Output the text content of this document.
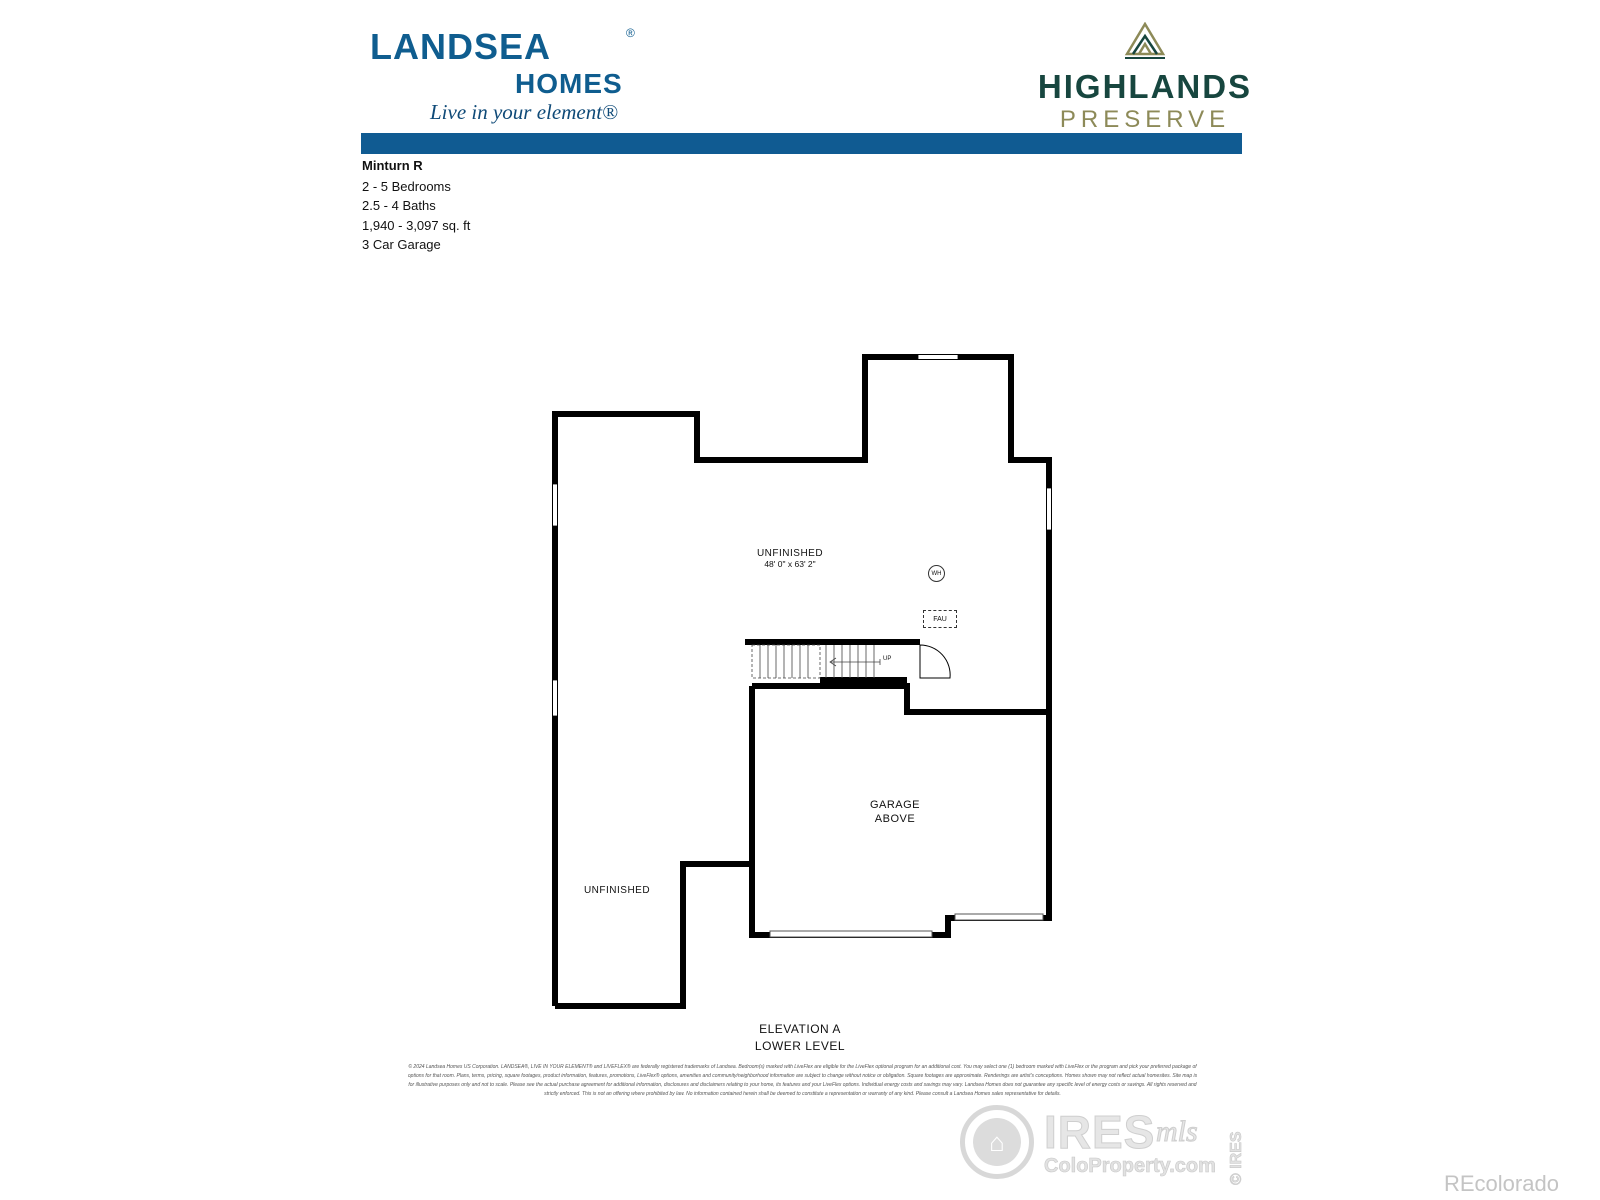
LANDSEA	®
HOMES
Live in your element®
HIGHLANDS
PRESERVE
Minturn R
2 - 5 Bedrooms
2.5 - 4 Baths
1,940 - 3,097 sq. ft
3 Car Garage
UNFINISHED
48' 0" x 63' 2"
WH
FAU
UP
GARAGE
ABOVE
UNFINISHED
ELEVATION A
LOWER LEVEL
© 2024 Landsea Homes US Corporation. LANDSEA®, LIVE IN YOUR ELEMENT® and LIVEFLEX® are federally registered trademarks of Landsea. Bedroom(s) marked with LiveFlex are eligible for the LiveFlex optional program for an additional cost. You may select one (1) bedroom marked with LiveFlex or the program and pick your preferred package of options for that room. Plans, terms, pricing, square footages, product information, features, promotions, LiveFlex® options, amenities and community/neighborhood information are subject to change without notice or obligation. Square footages are approximate. Renderings are artist's conceptions. Homes shown may not reflect actual homesites. Site map is for illustrative purposes only and not to scale. Please see the actual purchase agreement for additional information, disclosures and disclaimers relating to your home, its features and your LiveFlex options. Individual energy costs and savings may vary. Landsea Homes does not guarantee any specific level of energy costs or savings. All rights reserved and strictly enforced. This is not an offering where prohibited by law. No information contained herein shall be deemed to constitute a representation or warranty of any kind. Please consult a Landsea Homes sales representative for details.
⌂ IRES mls
ColoProperty.com © IRES	REcolorado
